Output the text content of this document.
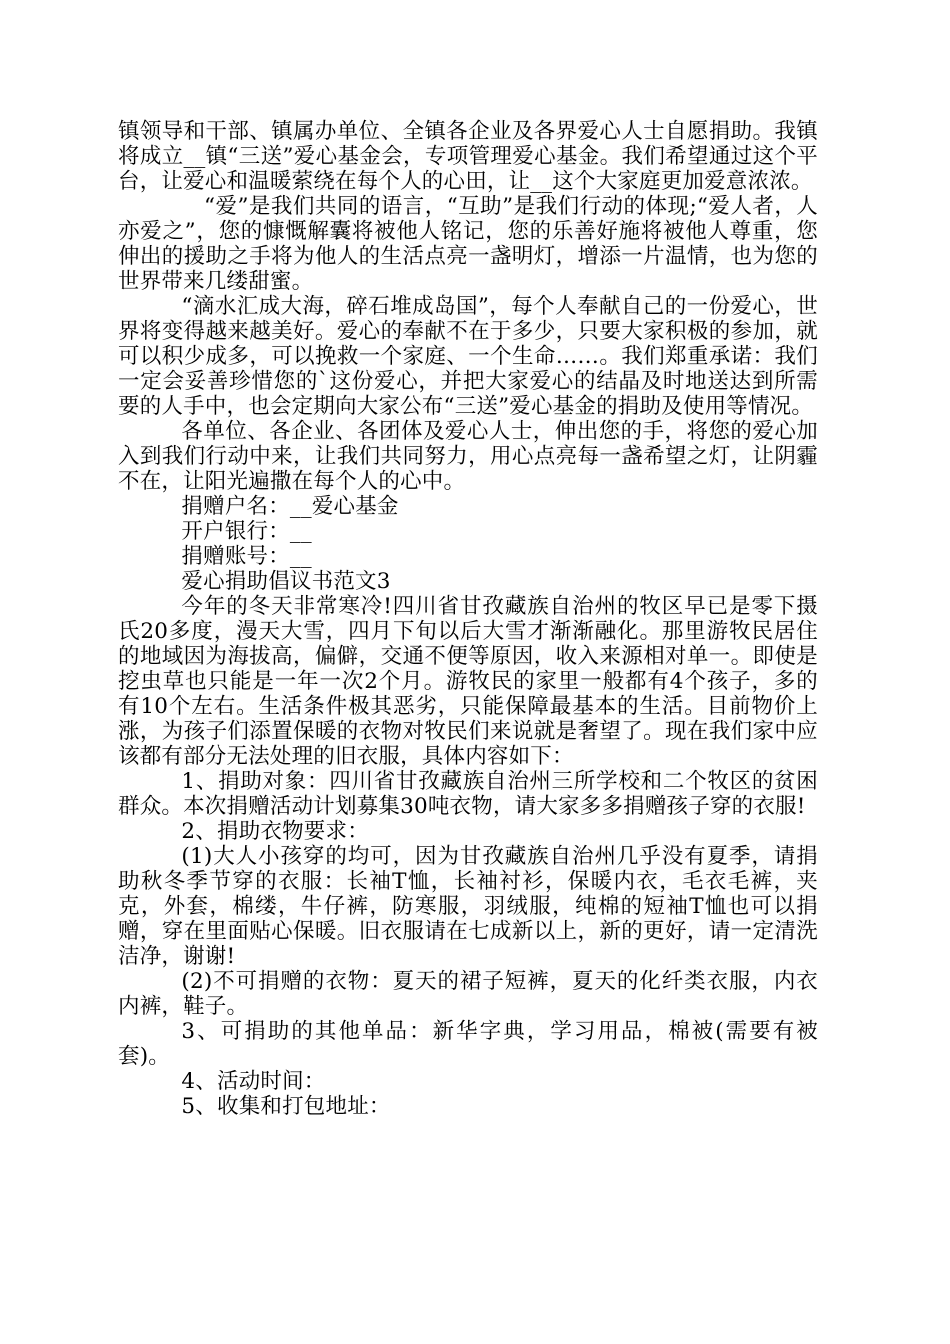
镇领导和干部、镇属办单位、全镇各企业及各界爱心人士自愿捐助。我镇将成立__镇“三送”爱心基金会，专项管理爱心基金。我们希望通过这个平台，让爱心和温暖萦绕在每个人的心田，让__这个大家庭更加爱意浓浓。

“爱”是我们共同的语言，“互助”是我们行动的体现;“爱人者，人亦爱之”，您的慷慨解囊将被他人铭记，您的乐善好施将被他人尊重，您伸出的援助之手将为他人的生活点亮一盏明灯，增添一片温情，也为您的世界带来几缕甜蜜。

“滴水汇成大海，碎石堆成岛国”，每个人奉献自己的一份爱心，世界将变得越来越美好。爱心的奉献不在于多少，只要大家积极的参加，就可以积少成多，可以挽救一个家庭、一个生命……。我们郑重承诺：我们一定会妥善珍惜您的`这份爱心，并把大家爱心的结晶及时地送达到所需要的人手中，也会定期向大家公布“三送”爱心基金的捐助及使用等情况。

各单位、各企业、各团体及爱心人士，伸出您的手，将您的爱心加入到我们行动中来，让我们共同努力，用心点亮每一盏希望之灯，让阴霾不在，让阳光遍撒在每个人的心中。

捐赠户名：__爱心基金

开户银行：__

捐赠账号：__

爱心捐助倡议书范文3

今年的冬天非常寒冷!四川省甘孜藏族自治州的牧区早已是零下摄氏20多度，漫天大雪，四月下旬以后大雪才渐渐融化。那里游牧民居住的地域因为海拔高，偏僻，交通不便等原因，收入来源相对单一。即使是挖虫草也只能是一年一次2个月。游牧民的家里一般都有4个孩子，多的有10个左右。生活条件极其恶劣，只能保障最基本的生活。目前物价上涨，为孩子们添置保暖的衣物对牧民们来说就是奢望了。现在我们家中应该都有部分无法处理的旧衣服，具体内容如下：

1、捐助对象：四川省甘孜藏族自治州三所学校和二个牧区的贫困群众。本次捐赠活动计划募集30吨衣物，请大家多多捐赠孩子穿的衣服!

2、捐助衣物要求：

(1)大人小孩穿的均可，因为甘孜藏族自治州几乎没有夏季，请捐助秋冬季节穿的衣服：长袖T恤，长袖衬衫，保暖内衣，毛衣毛裤，夹克，外套，棉缕，牛仔裤，防寒服，羽绒服，纯棉的短袖T恤也可以捐赠，穿在里面贴心保暖。旧衣服请在七成新以上，新的更好，请一定清洗洁净，谢谢!

(2)不可捐赠的衣物：夏天的裙子短裤，夏天的化纤类衣服，内衣内裤，鞋子。

3、可捐助的其他单品：新华字典，学习用品，棉被(需要有被套)。

4、活动时间：

5、收集和打包地址：
